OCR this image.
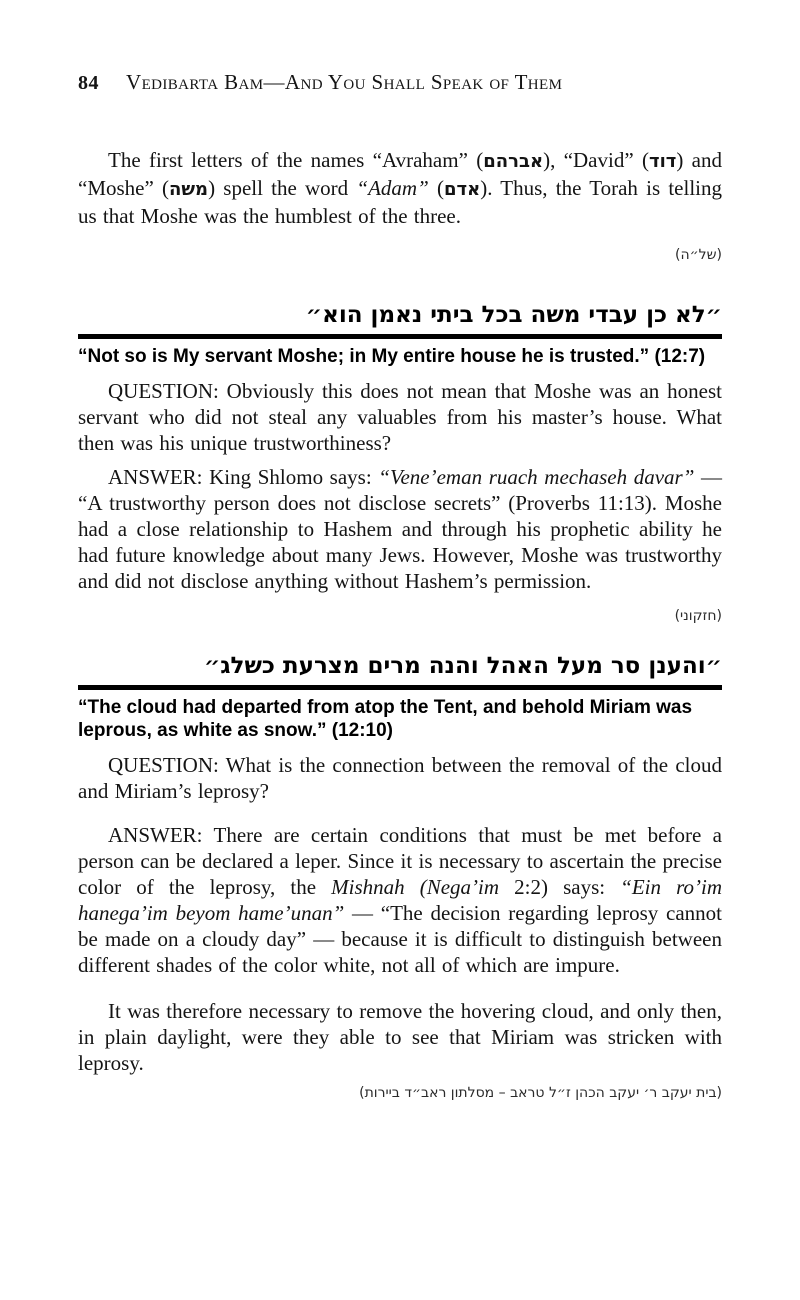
84 Vedibarta Bam—And You Shall Speak of Them

The first letters of the names “Avraham” (אברהם), “David” (דוד) and “Moshe” (משה) spell the word “Adam” (אדם). Thus, the Torah is telling us that Moshe was the humblest of the three.

(של״ה)
״לא כן עבדי משה בכל ביתי נאמן הוא״

“Not so is My servant Moshe; in My entire house he is trusted.” (12:7)

QUESTION: Obviously this does not mean that Moshe was an honest servant who did not steal any valuables from his master’s house. What then was his unique trustworthiness?

ANSWER: King Shlomo says: “Vene’eman ruach mechaseh davar” — “A trustworthy person does not disclose secrets” (Proverbs 11:13). Moshe had a close relationship to Hashem and through his prophetic ability he had future knowledge about many Jews. However, Moshe was trustworthy and did not disclose anything without Hashem’s permission.

(חזקוני)
״והענן סר מעל האהל והנה מרים מצרעת כשלג״

“The cloud had departed from atop the Tent, and behold Miriam was leprous, as white as snow.” (12:10)

QUESTION: What is the connection between the removal of the cloud and Miriam’s leprosy?

ANSWER: There are certain conditions that must be met before a person can be declared a leper. Since it is necessary to ascertain the precise color of the leprosy, the Mishnah (Nega’im 2:2) says: “Ein ro’im hanega’im beyom hame’unan” — “The decision regarding leprosy cannot be made on a cloudy day” — because it is difficult to distinguish between different shades of the color white, not all of which are impure.

It was therefore necessary to remove the hovering cloud, and only then, in plain daylight, were they able to see that Miriam was stricken with leprosy.

(בית יעקב ר׳ יעקב הכהן ז״ל טראב – מסלתון ראב״ד ביירות)
